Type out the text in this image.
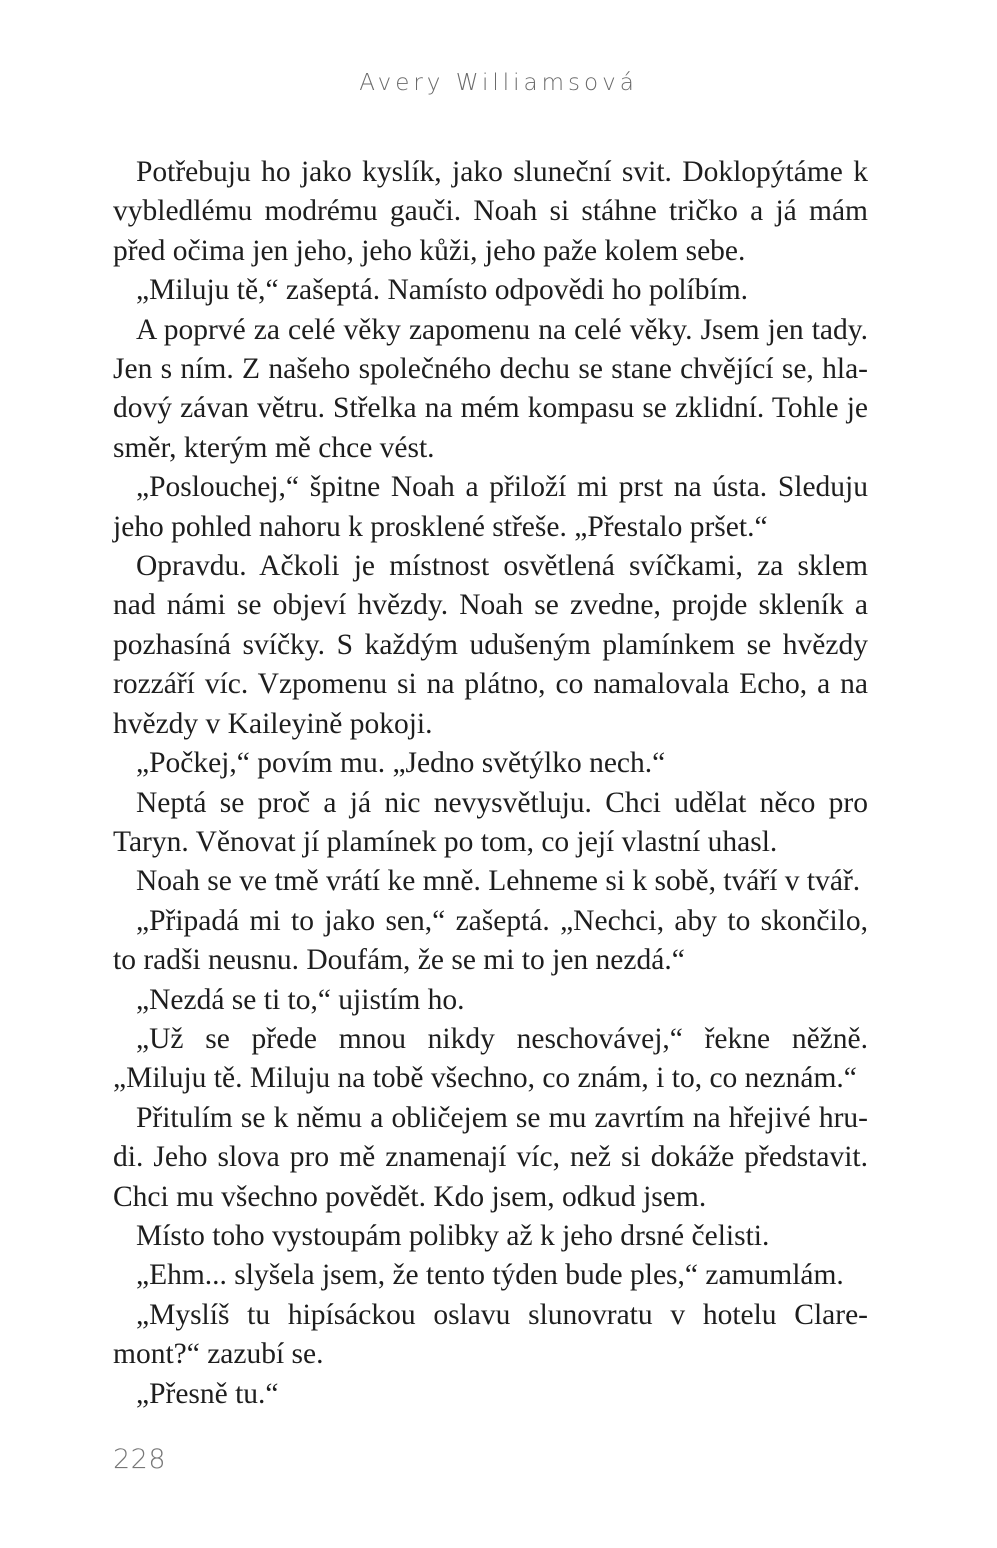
Avery Williamsová

Potřebuju ho jako kyslík, jako sluneční svit. Doklopýtáme k vybledlému modrému gauči. Noah si stáhne tričko a já mám před očima jen jeho, jeho kůži, jeho paže kolem sebe.

„Miluju tě,“ zašeptá. Namísto odpovědi ho políbím.

A poprvé za celé věky zapomenu na celé věky. Jsem jen tady. Jen s ním. Z našeho společného dechu se stane chvějící se, hladový závan větru. Střelka na mém kompasu se zklidní. Tohle je směr, kterým mě chce vést.

„Poslouchej,“ špitne Noah a přiloží mi prst na ústa. Sleduju jeho pohled nahoru k prosklené střeše. „Přestalo pršet.“

Opravdu. Ačkoli je místnost osvětlená svíčkami, za sklem nad námi se objeví hvězdy. Noah se zvedne, projde skleník a pozhasíná svíčky. S každým udušeným plamínkem se hvězdy rozzáří víc. Vzpomenu si na plátno, co namalovala Echo, a na hvězdy v Kaileyině pokoji.

„Počkej,“ povím mu. „Jedno světýlko nech.“

Neptá se proč a já nic nevysvětluju. Chci udělat něco pro Taryn. Věnovat jí plamínek po tom, co její vlastní uhasl.

Noah se ve tmě vrátí ke mně. Lehneme si k sobě, tváří v tvář.

„Připadá mi to jako sen,“ zašeptá. „Nechci, aby to skončilo, to radši neusnu. Doufám, že se mi to jen nezdá.“

„Nezdá se ti to,“ ujistím ho.

„Už se přede mnou nikdy neschovávej,“ řekne něžně. „Miluju tě. Miluju na tobě všechno, co znám, i to, co neznám.“

Přitulím se k němu a obličejem se mu zavrtím na hřejivé hrudi. Jeho slova pro mě znamenají víc, než si dokáže představit. Chci mu všechno povědět. Kdo jsem, odkud jsem.

Místo toho vystoupám polibky až k jeho drsné čelisti.

„Ehm... slyšela jsem, že tento týden bude ples,“ zamumlám.

„Myslíš tu hipísáckou oslavu slunovratu v hotelu Claremont?“ zazubí se.

„Přesně tu.“

228
